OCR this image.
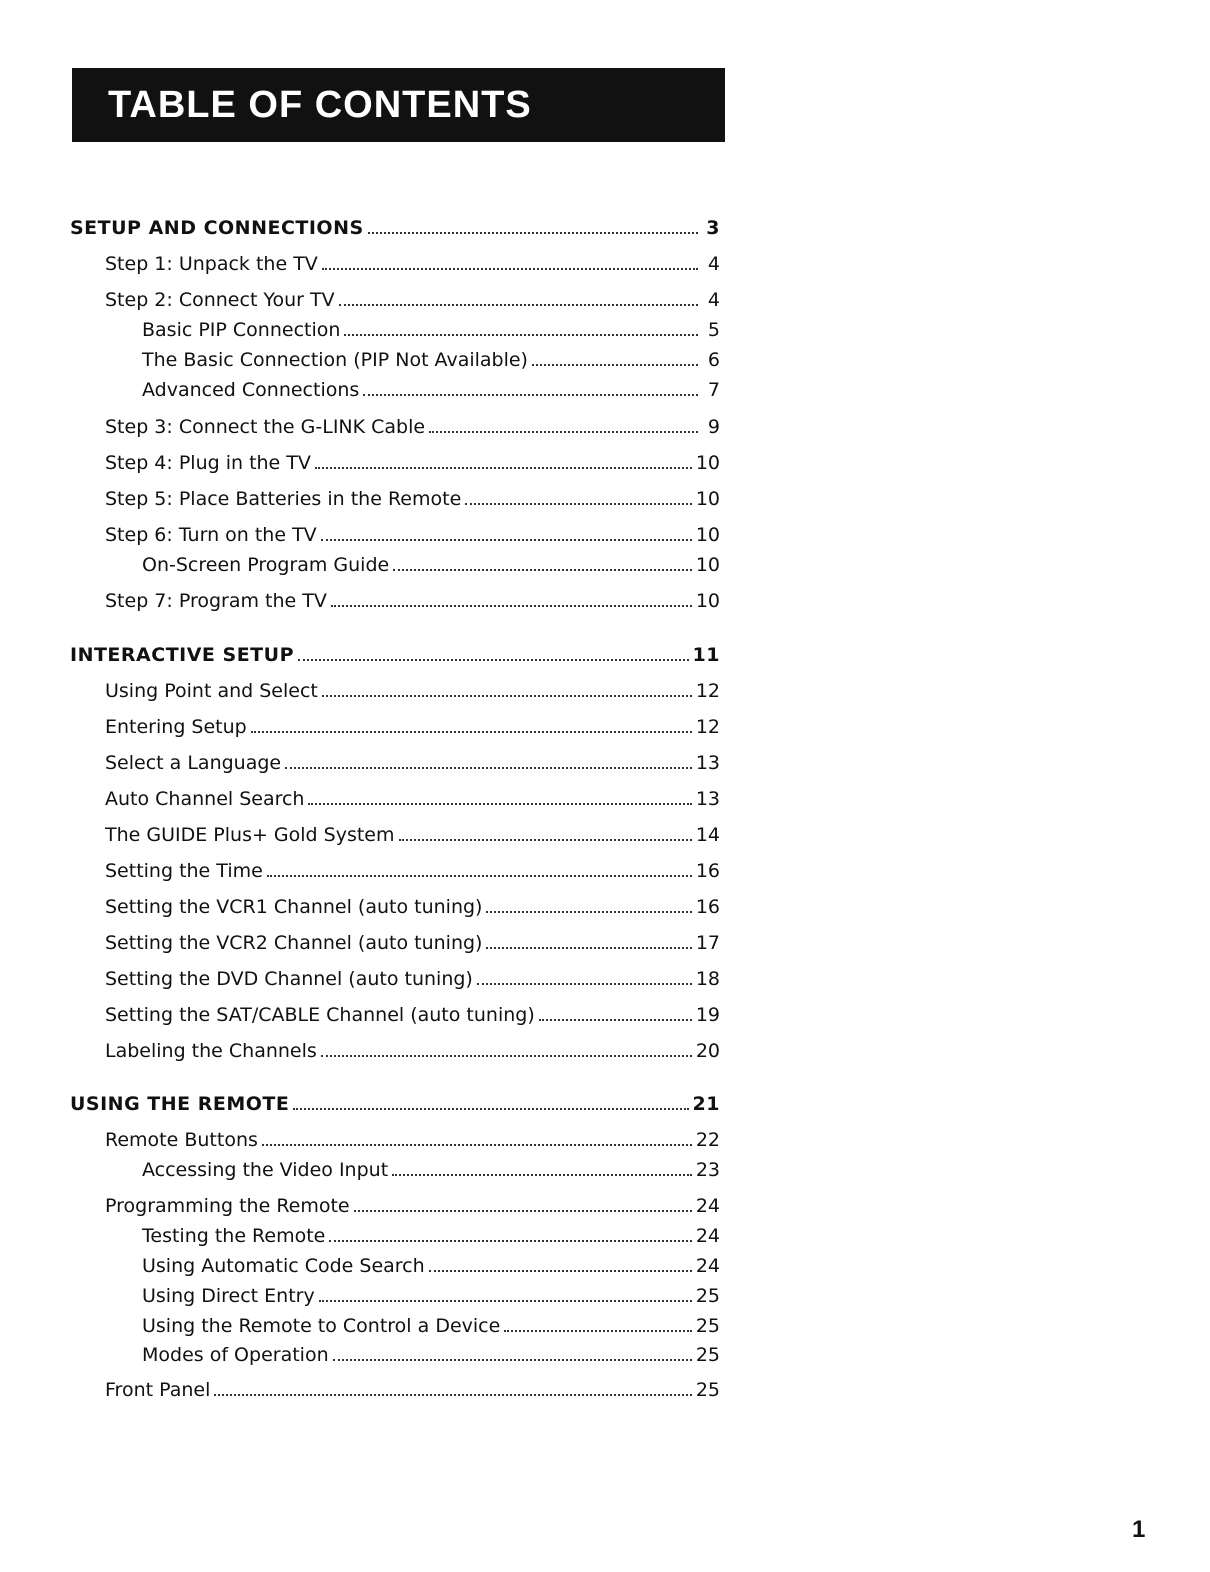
TABLE OF CONTENTS
SETUP AND CONNECTIONS	3
Step 1: Unpack the TV	4
Step 2: Connect Your TV	4
Basic PIP Connection	5
The Basic Connection (PIP Not Available)	6
Advanced Connections	7
Step 3: Connect the G-LINK Cable	9
Step 4: Plug in the TV	10
Step 5: Place Batteries in the Remote	10
Step 6: Turn on the TV	10
On-Screen Program Guide	10
Step 7: Program the TV	10
INTERACTIVE SETUP	11
Using Point and Select	12
Entering Setup	12
Select a Language	13
Auto Channel Search	13
The GUIDE Plus+ Gold System	14
Setting the Time	16
Setting the VCR1 Channel (auto tuning)	16
Setting the VCR2 Channel (auto tuning)	17
Setting the DVD Channel (auto tuning)	18
Setting the SAT/CABLE Channel (auto tuning)	19
Labeling the Channels	20
USING THE REMOTE	21
Remote Buttons	22
Accessing the Video Input	23
Programming the Remote	24
Testing the Remote	24
Using Automatic Code Search	24
Using Direct Entry	25
Using the Remote to Control a Device	25
Modes of Operation	25
Front Panel	25
1
